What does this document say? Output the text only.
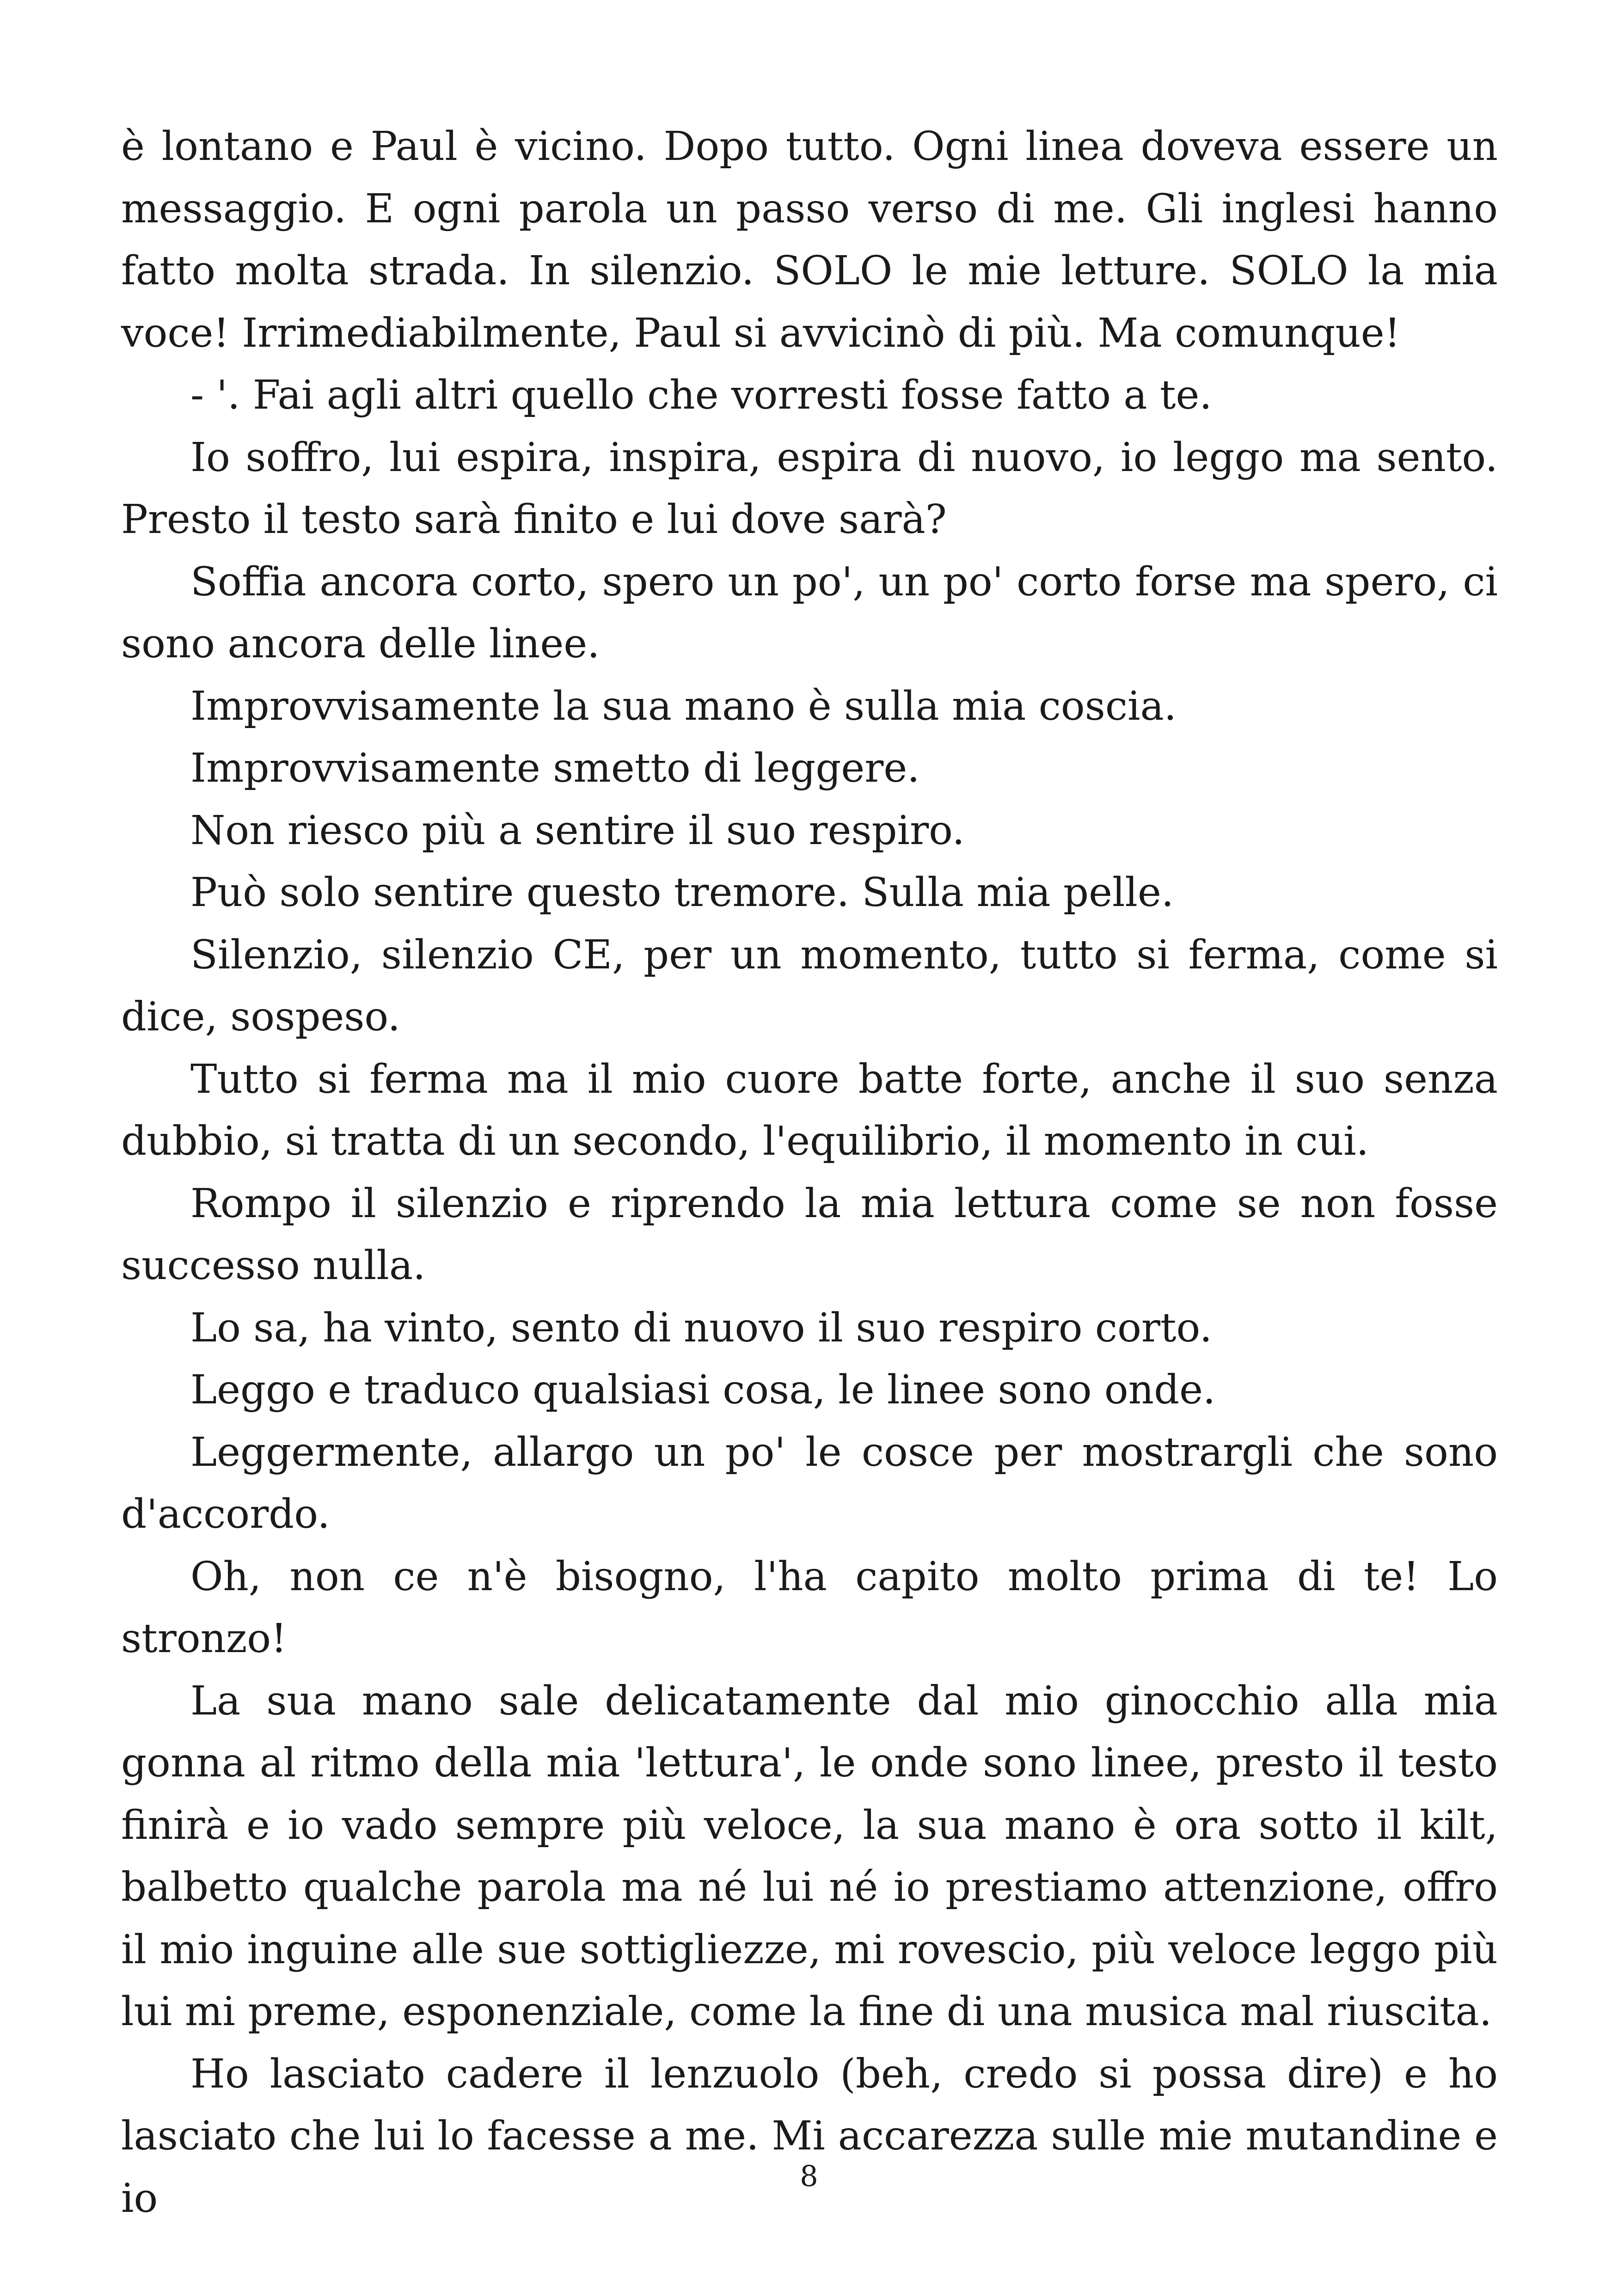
è lontano e Paul è vicino. Dopo tutto. Ogni linea doveva essere un messaggio. E ogni parola un passo verso di me. Gli inglesi hanno fatto molta strada. In silenzio. SOLO le mie letture. SOLO la mia voce! Irrimediabilmente, Paul si avvicinò di più. Ma comunque!

- '. Fai agli altri quello che vorresti fosse fatto a te.

Io soffro, lui espira, inspira, espira di nuovo, io leggo ma sento. Presto il testo sarà finito e lui dove sarà?

Soffia ancora corto, spero un po', un po' corto forse ma spero, ci sono ancora delle linee.

Improvvisamente la sua mano è sulla mia coscia.

Improvvisamente smetto di leggere.

Non riesco più a sentire il suo respiro.

Può solo sentire questo tremore. Sulla mia pelle.

Silenzio, silenzio CE, per un momento, tutto si ferma, come si dice, sospeso.

Tutto si ferma ma il mio cuore batte forte, anche il suo senza dubbio, si tratta di un secondo, l'equilibrio, il momento in cui.

Rompo il silenzio e riprendo la mia lettura come se non fosse successo nulla.

Lo sa, ha vinto, sento di nuovo il suo respiro corto.

Leggo e traduco qualsiasi cosa, le linee sono onde.

Leggermente, allargo un po' le cosce per mostrargli che sono d'accordo.

Oh, non ce n'è bisogno, l'ha capito molto prima di te! Lo stronzo!

La sua mano sale delicatamente dal mio ginocchio alla mia gonna al ritmo della mia 'lettura', le onde sono linee, presto il testo finirà e io vado sempre più veloce, la sua mano è ora sotto il kilt, balbetto qualche parola ma né lui né io prestiamo attenzione, offro il mio inguine alle sue sottigliezze, mi rovescio, più veloce leggo più lui mi preme, esponenziale, come la fine di una musica mal riuscita.

Ho lasciato cadere il lenzuolo (beh, credo si possa dire) e ho lasciato che lui lo facesse a me. Mi accarezza sulle mie mutandine e io	8
